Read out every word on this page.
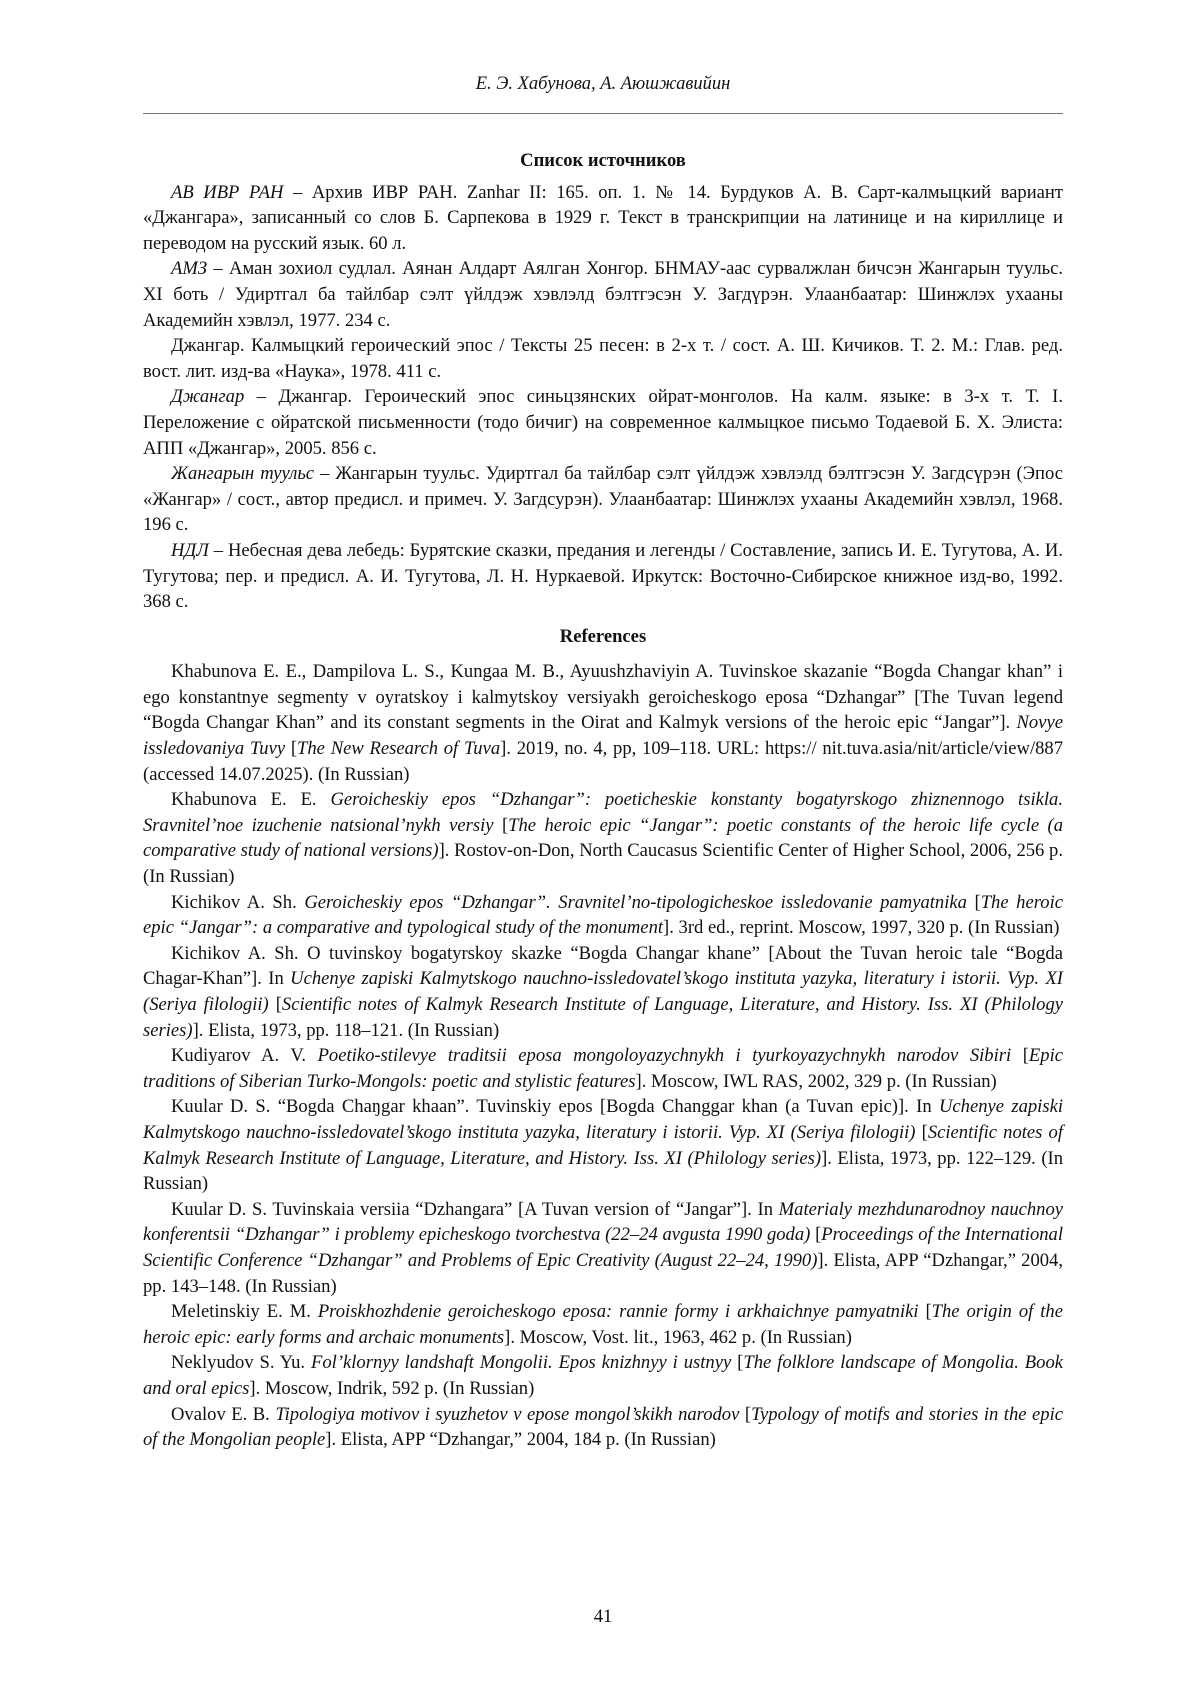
Е. Э. Хабунова, А. Аюшжавийин
Список источников

АВ ИВР РАН – Архив ИВР РАН. Zanhar II: 165. оп. 1. № 14. Бурдуков А. В. Сарт-калмыцкий вариант «Джангара», записанный со слов Б. Сарпекова в 1929 г. Текст в транскрипции на латинице и на кириллице и переводом на русский язык. 60 л.

АМЗ – Аман зохиол судлал. Аянан Алдарт Аялган Хонгор. БНМАУ-аас сурвалжлан бичсэн Жангарын туульс. XI боть / Удиртгал ба тайлбар сэлт үйлдэж хэвлэлд бэлтгэсэн У. Загдүрэн. Улаанбаатар: Шинжлэх ухааны Академийн хэвлэл, 1977. 234 с.

Джангар. Калмыцкий героический эпос / Тексты 25 песен: в 2-х т. / сост. А. Ш. Кичиков. Т. 2. М.: Глав. ред. вост. лит. изд-ва «Наука», 1978. 411 с.

Джангар – Джангар. Героический эпос синьцзянских ойрат-монголов. На калм. языке: в 3-х т. Т. I. Переложение с ойратской письменности (тодо бичиг) на современное калмыцкое письмо Тодаевой Б. Х. Элиста: АПП «Джангар», 2005. 856 с.

Жангарын туульс – Жангарын туульс. Удиртгал ба тайлбар сэлт үйлдэж хэвлэлд бэлтгэсэн У. Загдсүрэн (Эпос «Жангар» / сост., автор предисл. и примеч. У. Загдсурэн). Улаанбаатар: Шинжлэх ухааны Академийн хэвлэл, 1968. 196 с.

НДЛ – Небесная дева лебедь: Бурятские сказки, предания и легенды / Составление, запись И. Е. Тугутова, А. И. Тугутова; пер. и предисл. А. И. Тугутова, Л. Н. Нуркаевой. Иркутск: Восточно-Сибирское книжное изд-во, 1992. 368 с.

References

Khabunova E. E., Dampilova L. S., Kungaa M. B., Ayuushzhaviyin A. Tuvinskoe skazanie “Bogda Changar khan” i ego konstantnye segmenty v oyratskoy i kalmytskoy versiyakh geroicheskogo eposa “Dzhangar” [The Tuvan legend “Bogda Changar Khan” and its constant segments in the Oirat and Kalmyk versions of the heroic epic “Jangar”]. Novye issledovaniya Tuvy [The New Research of Tuva]. 2019, no. 4, pp, 109–118. URL: https:// nit.tuva.asia/nit/article/view/887 (accessed 14.07.2025). (In Russian)

Khabunova E. E. Geroicheskiy epos “Dzhangar”: poeticheskie konstanty bogatyrskogo zhiznennogo tsikla. Sravnitel’noe izuchenie natsional’nykh versiy [The heroic epic “Jangar”: poetic constants of the heroic life cycle (a comparative study of national versions)]. Rostov-on-Don, North Caucasus Scientific Center of Higher School, 2006, 256 p. (In Russian)

Kichikov A. Sh. Geroicheskiy epos “Dzhangar”. Sravnitel’no-tipologicheskoe issledovanie pamyatnika [The heroic epic “Jangar”: a comparative and typological study of the monument]. 3rd ed., reprint. Moscow, 1997, 320 p. (In Russian)

Kichikov A. Sh. O tuvinskoy bogatyrskoy skazke “Bogda Changar khane” [About the Tuvan heroic tale “Bogda Chagar-Khan”]. In Uchenye zapiski Kalmytskogo nauchno-issledovatel’skogo instituta yazyka, literatury i istorii. Vyp. XI (Seriya filologii) [Scientific notes of Kalmyk Research Institute of Language, Literature, and History. Iss. XI (Philology series)]. Elista, 1973, pp. 118–121. (In Russian)

Kudiyarov A. V. Poetiko-stilevye traditsii eposa mongoloyazychnykh i tyurkoyazychnykh narodov Sibiri [Epic traditions of Siberian Turko-Mongols: poetic and stylistic features]. Moscow, IWL RAS, 2002, 329 p. (In Russian)

Kuular D. S. “Bogda Chaŋgar khaan”. Tuvinskiy epos [Bogda Changgar khan (a Tuvan epic)]. In Uchenye zapiski Kalmytskogo nauchno-issledovatel’skogo instituta yazyka, literatury i istorii. Vyp. XI (Seriya filologii) [Scientific notes of Kalmyk Research Institute of Language, Literature, and History. Iss. XI (Philology series)]. Elista, 1973, pp. 122–129. (In Russian)

Kuular D. S. Tuvinskaia versiia “Dzhangara” [A Tuvan version of “Jangar”]. In Materialy mezhdunarodnoy nauchnoy konferentsii “Dzhangar” i problemy epicheskogo tvorchestva (22–24 avgusta 1990 goda) [Proceedings of the International Scientific Conference “Dzhangar” and Problems of Epic Creativity (August 22–24, 1990)]. Elista, APP “Dzhangar,” 2004, pp. 143–148. (In Russian)

Meletinskiy E. M. Proiskhozhdenie geroicheskogo eposa: rannie formy i arkhaichnye pamyatniki [The origin of the heroic epic: early forms and archaic monuments]. Moscow, Vost. lit., 1963, 462 p. (In Russian)

Neklyudov S. Yu. Fol’klornyy landshaft Mongolii. Epos knizhnyy i ustnyy [The folklore landscape of Mongolia. Book and oral epics]. Moscow, Indrik, 592 p. (In Russian)

Ovalov E. B. Tipologiya motivov i syuzhetov v epose mongol’skikh narodov [Typology of motifs and stories in the epic of the Mongolian people]. Elista, APP “Dzhangar,” 2004, 184 p. (In Russian)

41
